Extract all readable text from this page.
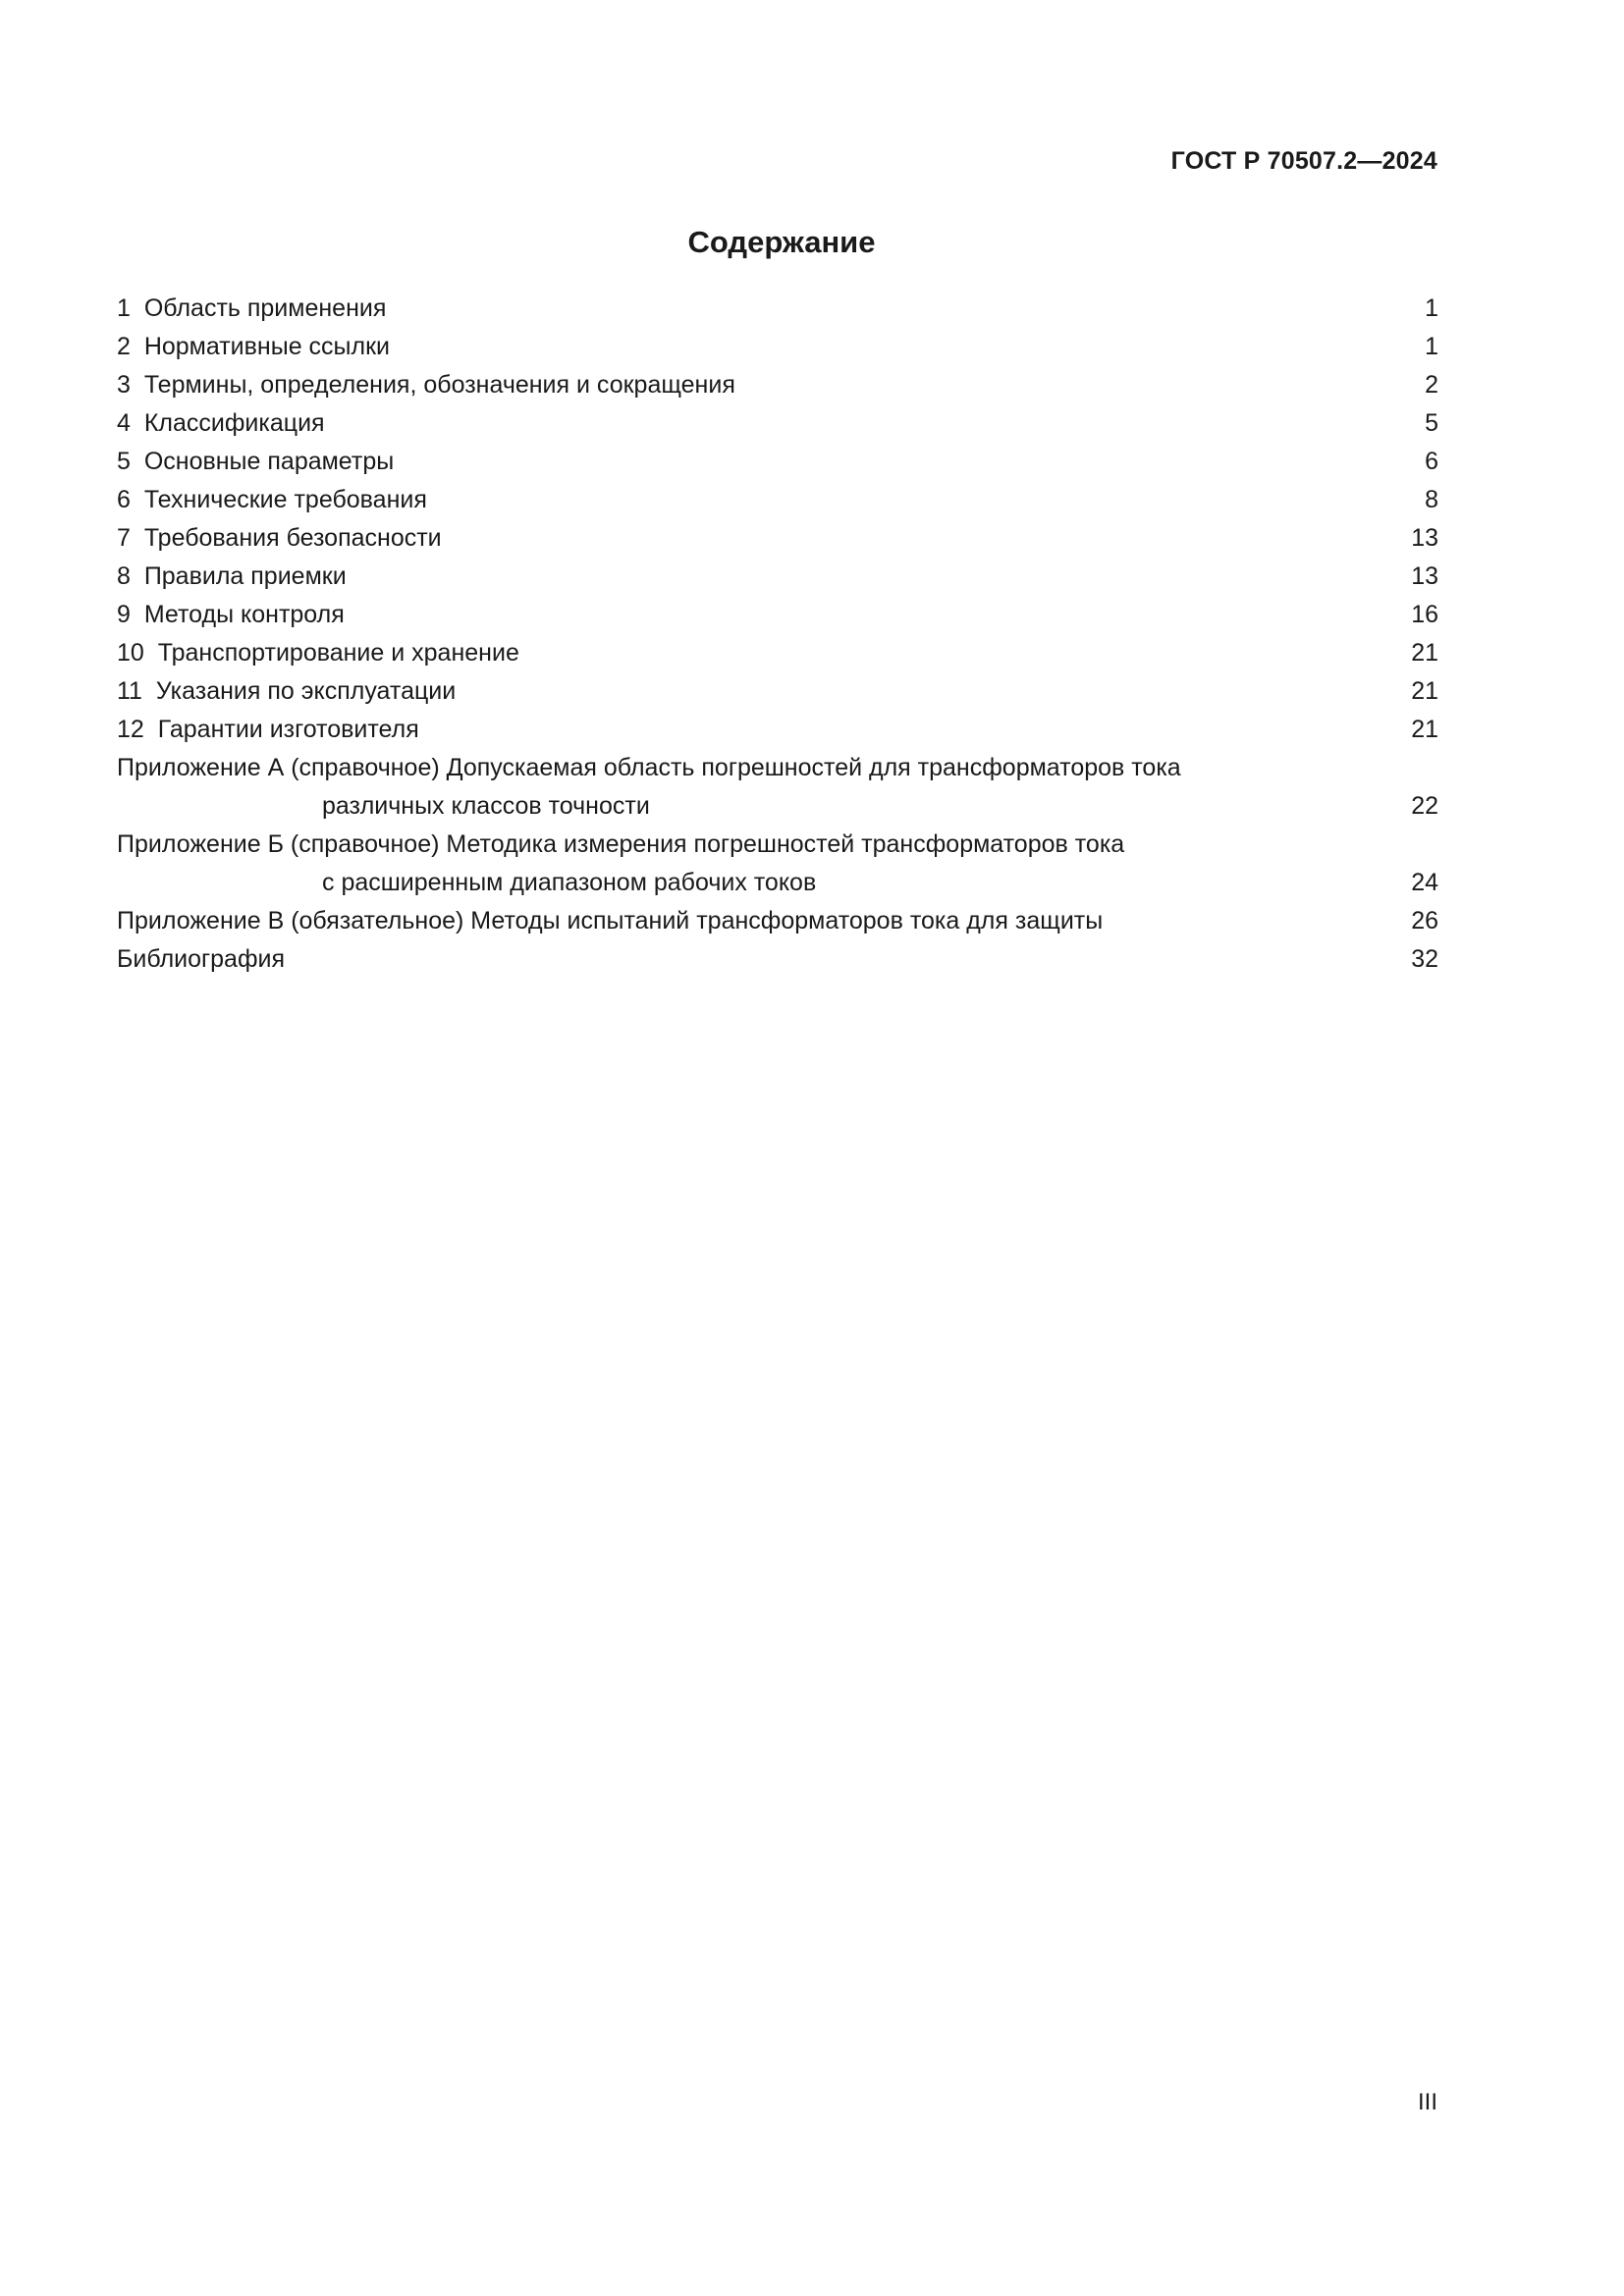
ГОСТ Р 70507.2—2024
Содержание
1 Область применения	1
2 Нормативные ссылки	1
3 Термины, определения, обозначения и сокращения	2
4 Классификация	5
5 Основные параметры	6
6 Технические требования	8
7 Требования безопасности	13
8 Правила приемки	13
9 Методы контроля	16
10 Транспортирование и хранение	21
11 Указания по эксплуатации	21
12 Гарантии изготовителя	21
Приложение А (справочное) Допускаемая область погрешностей для трансформаторов тока
различных классов точности	22
Приложение Б (справочное) Методика измерения погрешностей трансформаторов тока
с расширенным диапазоном рабочих токов	24
Приложение В (обязательное) Методы испытаний трансформаторов тока для защиты	26
Библиография	32
III
